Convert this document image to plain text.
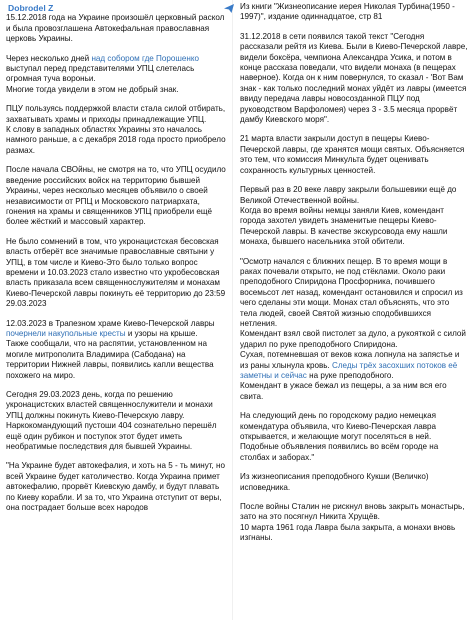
Dobrodel Z
15.12.2018 года на Украине произошёл церковный раскол и была провозглашена Автокефальная православная церковь Украины.
Через несколько дней над собором где Порошенко выступал перед представителями УПЦ слетелась огромная туча вороньи.
Многие тогда увидели в этом не добрый знак.
ПЦУ пользуясь поддержкой власти стала силой отбирать, захватывать храмы и приходы принадлежащие УПЦ.
К слову в западных областях Украины это началось намного раньше, а с декабря 2018 года просто приобрело размах.
После начала СВОйны, не смотря на то, что УПЦ осудило введение российских войск на территорию бывшей Украины, через несколько месяцев объявило о своей независимости от РПЦ и Московского патриархата, гонения на храмы и священников УПЦ приобрели ещё более жёсткий и массовый характер.
Не было сомнений в том, что укронацистская бесовская власть отберёт все значимые православные святыни у УПЦ, в том числе и Киево-Это было только вопрос времени и 10.03.2023 стало известно что укробесовская власть приказала всем священнослужителям и монахам Киево-Печерской лавры покинуть её территорию до 23:59 29.03.2023
12.03.2023 в Трапезном храме Киево-Печерской лавры почернели накупольные кресты и узоры на крыше.
Также сообщали, что на распятии, установленном на могиле митрополита Владимира (Сабодана) на территории Нижней лавры, появились капли вещества похожего на миро.
Сегодня 29.03.2023 день, когда по решению укронацистских властей священнослужители и монахи УПЦ должны покинуть Киево-Печерскую лавру.
Наркокомандующий пустоши 404 сознательно перешёл ещё один рубикон и поступок этот будет иметь необратимые последствия для бывшей Украины.
"На Украине будет автокефалия, и хоть на 5 - ть минут, но всей Украине будет католичество. Когда Украина примет автокефалию, прорвёт Киевскую дамбу, и будут плавать по Киеву корабли. И за то, что Украина отступит от веры, она пострадает больше всех народов
Из книги "Жизнеописание иерея Николая Турбина(1950 - 1997)", издание одиннадцатое, стр 81
31.12.2018 в сети появился такой текст "Сегодня рассказали рейтя из Киева. Были в Киево-Печерской лавре, видели боксёра, чемпиона Александра Усика, и потом в конце рассказа поведали, что видели монаха (в пещерах наверное). Когда он к ним повернулся, то сказал - 'Вот Вам знак - как только последний монах уйдёт из лавры (имеется ввиду передача лавры новосозданной ПЦУ под руководством Варфоломея) через 3 - 3.5 месяца прорвёт дамбу Киевского моря".
21 марта власти закрыли доступ в пещеры Киево-Печерской лавры, где хранятся мощи святых. Объясняется это тем, что комиссия Минкульта будет оценивать сохранность культурных ценностей.
Первый раз в 20 веке лавру закрыли большевики ещё до Великой Отечественной войны.
Когда во время войны немцы заняли Киев, комендант города захотел увидеть знаменитые пещеры Киево-Печерской лавры. В качестве экскурсовода ему нашли монаха, бывшего насельника этой обители.
"Осмотр начался с ближних пещер. В то время мощи в раках почевали открыто, не под стёклами. Около раки преподобного Спиридона Просфорника, почившего восемьсот лет назад, комендант остановился и спросил из чего сделаны эти мощи. Монах стал объяснять, что это тела людей, своей Святой жизнью сподобившихся нетления.
Комендант взял свой пистолет за дуло, а рукояткой с силой ударил по руке преподобного Спиридона.
Сухая, потемневшая от веков кожа лопнула на запястье и из раны хлынула кровь. Следы трёх засохших потоков её заметны и сейчас на руке преподобного.
Комендант в ужасе бежал из пещеры, а за ним вся его свита.
На следующий день по городскому радио немецкая комендатура объявила, что Киево-Печерская лавра открывается, и желающие могут поселяться в ней. Подобные объявления появились во всём городе на столбах и заборах."
Из жизнеописания преподобного Кукши (Величко) исповедника.
После войны Сталин не рискнул вновь закрыть монастырь, зато на это посягнул Никита Хрущёв.
10 марта 1961 года Лавра была закрыта, а монахи вновь изгнаны.
